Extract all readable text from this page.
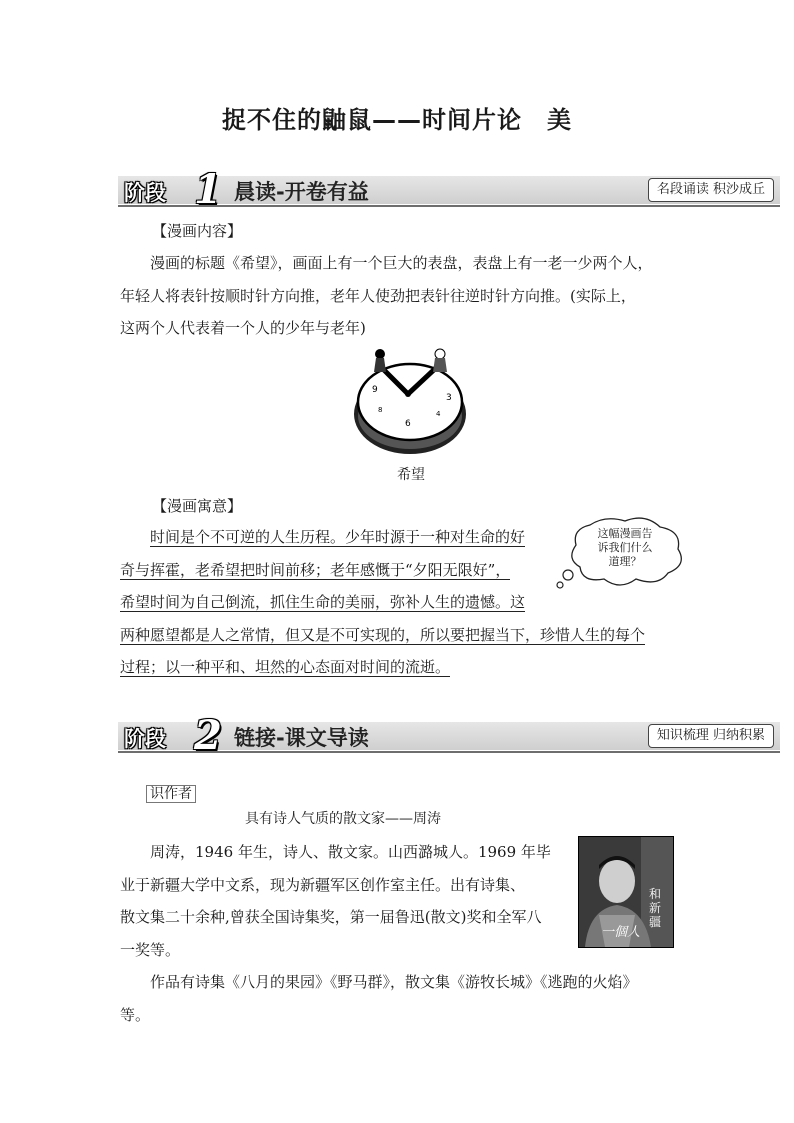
捉不住的鼬鼠——时间片论　美
阶段 1 晨读-开卷有益	名段诵读 积沙成丘
【漫画内容】
漫画的标题《希望》，画面上有一个巨大的表盘，表盘上有一老一少两个人，
年轻人将表针按顺时针方向推，老年人使劲把表针往逆时针方向推。(实际上，
这两个人代表着一个人的少年与老年)
9
6
3
8	4
希望
【漫画寓意】
时间是个不可逆的人生历程。少年时源于一种对生命的好
奇与挥霍，老希望把时间前移；老年感慨于“夕阳无限好”，
希望时间为自己倒流，抓住生命的美丽，弥补人生的遗憾。这
两种愿望都是人之常情，但又是不可实现的，所以要把握当下，珍惜人生的每个
过程；以一种平和、坦然的心态面对时间的流逝。
这幅漫画告
诉我们什么
道理？
阶段 2 链接-课文导读	知识梳理 归纳积累
识作者
具有诗人气质的散文家——周涛
周涛，1946 年生，诗人、散文家。山西潞城人。1969 年毕
业于新疆大学中文系，现为新疆军区创作室主任。出有诗集、
散文集二十余种,曾获全国诗集奖，第一届鲁迅(散文)奖和全军八
一奖等。
一個人
和新疆
作品有诗集《八月的果园》《野马群》，散文集《游牧长城》《逃跑的火焰》
等。
